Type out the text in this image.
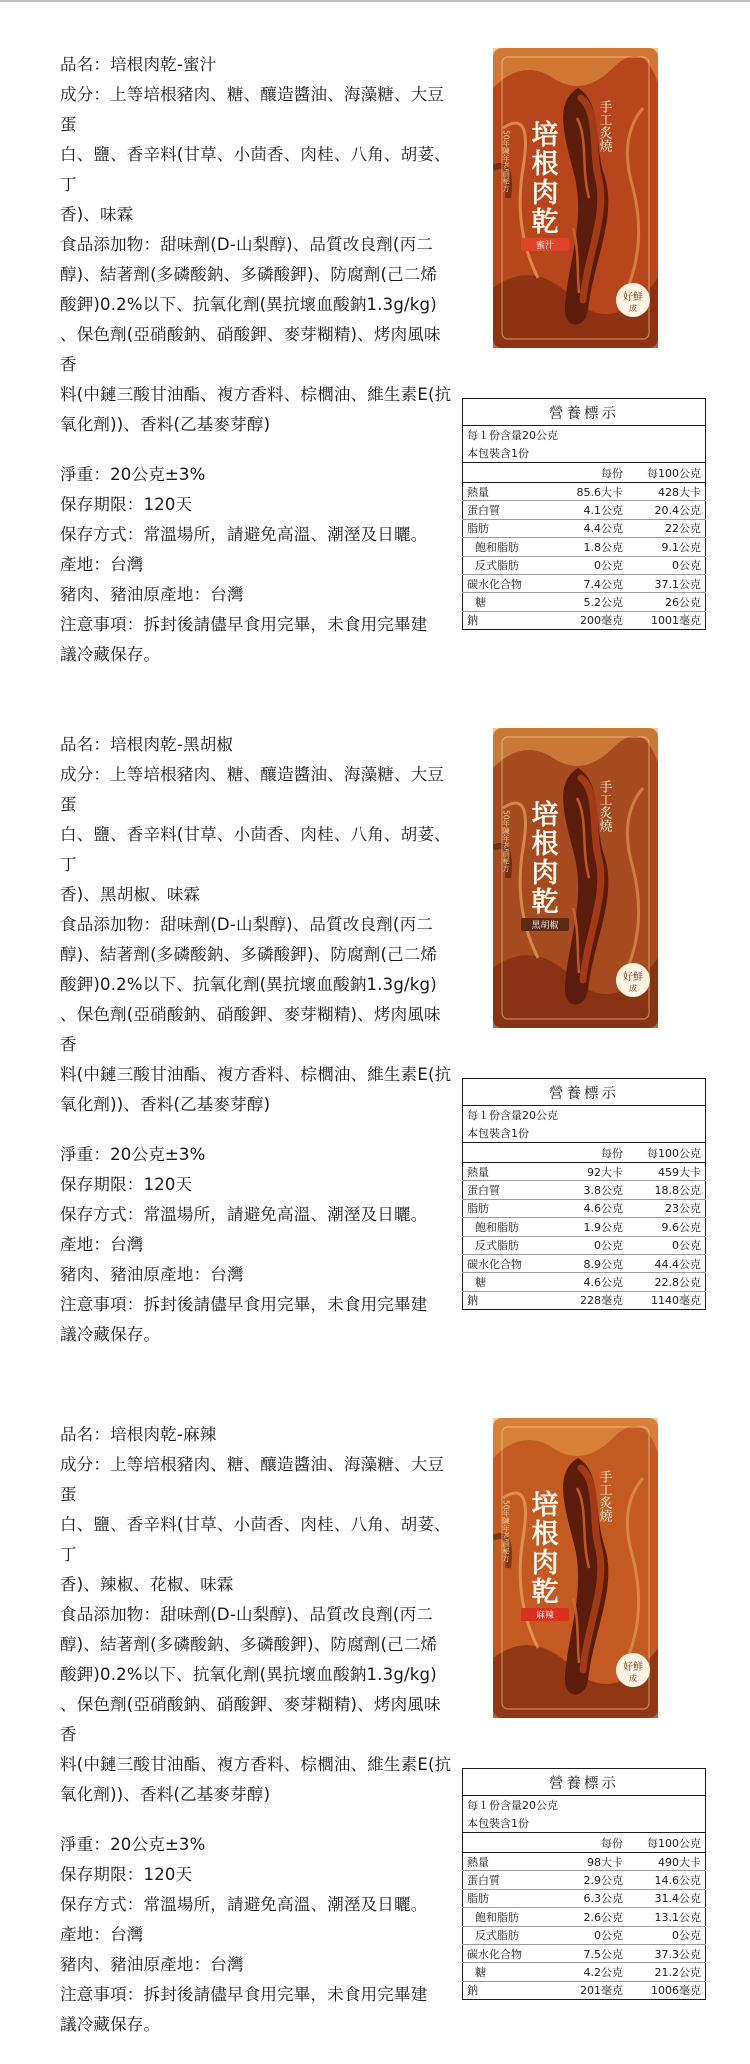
品名：培根肉乾-蜜汁

成分：上等培根豬肉、糖、釀造醬油、海藻糖、大豆蛋

白、鹽、香辛料(甘草、小茴香、肉桂、八角、胡荽、丁

香)、味霖

食品添加物：甜味劑(D-山梨醇)、品質改良劑(丙二

醇)、結著劑(多磷酸鈉、多磷酸鉀)、防腐劑(己二烯

酸鉀)0.2%以下、抗氧化劑(異抗壞血酸鈉1.3g/kg)

、保色劑(亞硝酸鈉、硝酸鉀、麥芽糊精)、烤肉風味香

料(中鏈三酸甘油酯、複方香料、棕櫚油、維生素E(抗

氧化劑))、香料(乙基麥芽醇)

淨重：20公克±3%

保存期限：120天

保存方式：常溫場所，請避免高溫、潮溼及日曬。

產地：台灣

豬肉、豬油原產地：台灣

注意事項：拆封後請儘早食用完畢，未食用完畢建

議冷藏保存。

手工炙燒
培根肉乾
50年陳年老滷秘方
蜜汁
好鮮
成
營養標示		
每１份含量20公克		
本包裝含1份		
	每份	每100公克
熱量	85.6大卡	428大卡
蛋白質	4.1公克	20.4公克
脂肪	4.4公克	22公克
飽和脂肪	1.8公克	9.1公克
反式脂肪	0公克	0公克
碳水化合物	7.4公克	37.1公克
糖	5.2公克	26公克
鈉	200毫克	1001毫克

品名：培根肉乾-黑胡椒

成分：上等培根豬肉、糖、釀造醬油、海藻糖、大豆蛋

白、鹽、香辛料(甘草、小茴香、肉桂、八角、胡荽、丁

香)、黑胡椒、味霖

食品添加物：甜味劑(D-山梨醇)、品質改良劑(丙二

醇)、結著劑(多磷酸鈉、多磷酸鉀)、防腐劑(己二烯

酸鉀)0.2%以下、抗氧化劑(異抗壞血酸鈉1.3g/kg)

、保色劑(亞硝酸鈉、硝酸鉀、麥芽糊精)、烤肉風味香

料(中鏈三酸甘油酯、複方香料、棕櫚油、維生素E(抗

氧化劑))、香料(乙基麥芽醇)

淨重：20公克±3%

保存期限：120天

保存方式：常溫場所，請避免高溫、潮溼及日曬。

產地：台灣

豬肉、豬油原產地：台灣

注意事項：拆封後請儘早食用完畢，未食用完畢建

議冷藏保存。

手工炙燒
培根肉乾
50年陳年老滷秘方
黑胡椒
好鮮
成
營養標示		
每１份含量20公克		
本包裝含1份		
	每份	每100公克
熱量	92大卡	459大卡
蛋白質	3.8公克	18.8公克
脂肪	4.6公克	23公克
飽和脂肪	1.9公克	9.6公克
反式脂肪	0公克	0公克
碳水化合物	8.9公克	44.4公克
糖	4.6公克	22.8公克
鈉	228毫克	1140毫克

品名：培根肉乾-麻辣

成分：上等培根豬肉、糖、釀造醬油、海藻糖、大豆蛋

白、鹽、香辛料(甘草、小茴香、肉桂、八角、胡荽、丁

香)、辣椒、花椒、味霖

食品添加物：甜味劑(D-山梨醇)、品質改良劑(丙二

醇)、結著劑(多磷酸鈉、多磷酸鉀)、防腐劑(己二烯

酸鉀)0.2%以下、抗氧化劑(異抗壞血酸鈉1.3g/kg)

、保色劑(亞硝酸鈉、硝酸鉀、麥芽糊精)、烤肉風味香

料(中鏈三酸甘油酯、複方香料、棕櫚油、維生素E(抗

氧化劑))、香料(乙基麥芽醇)

淨重：20公克±3%

保存期限：120天

保存方式：常溫場所，請避免高溫、潮溼及日曬。

產地：台灣

豬肉、豬油原產地：台灣

注意事項：拆封後請儘早食用完畢，未食用完畢建

議冷藏保存。

手工炙燒
培根肉乾
50年陳年老滷秘方
麻辣
好鮮
成
營養標示		
每１份含量20公克		
本包裝含1份		
	每份	每100公克
熱量	98大卡	490大卡
蛋白質	2.9公克	14.6公克
脂肪	6.3公克	31.4公克
飽和脂肪	2.6公克	13.1公克
反式脂肪	0公克	0公克
碳水化合物	7.5公克	37.3公克
糖	4.2公克	21.2公克
鈉	201毫克	1006毫克
